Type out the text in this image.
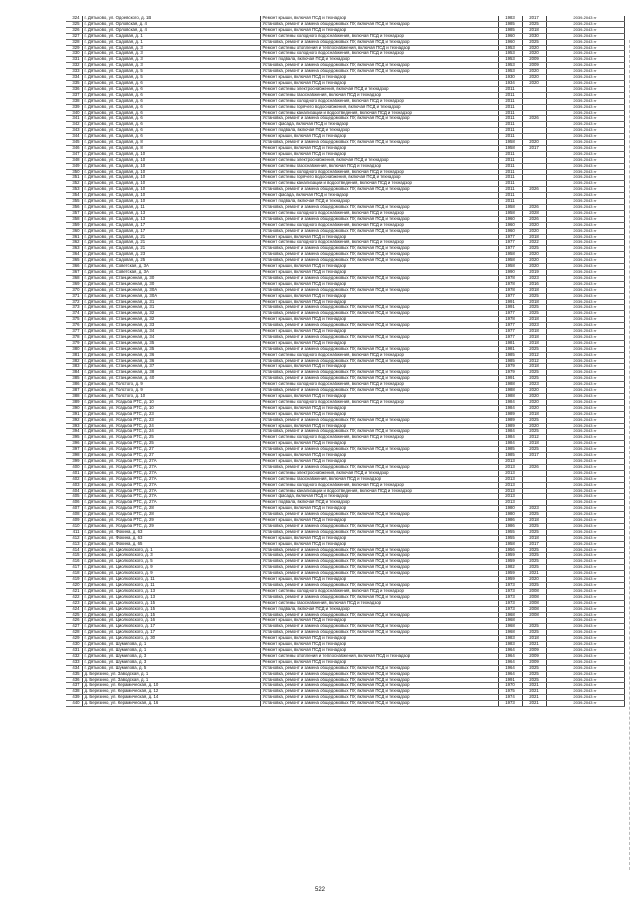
324	г. Дятьково, ул. Одоевского, д. 1В	Ремонт крыши, включая ПСД и технадзор	1983	2017	2039-2043 гг
325	г. Дятьково, ул. Орловская, д. 4	Установка, ремонт и замена общедомовых ПУ, включая ПСД и технадзор	1985	2025	2039-2043 гг
326	г. Дятьково, ул. Орловская, д. 4	Ремонт крыши, включая ПСД и технадзор	1985	2018	2039-2043 гг
327	г. Дятьково, ул. Садовая, д. 1	Ремонт системы холодного водоснабжения, включая ПСД и технадзор	1960	2030	2039-2043 гг
328	г. Дятьково, ул. Садовая, д. 1	Установка, ремонт и замена общедомовых ПУ, включая ПСД и технадзор	1960	2025	2039-2043 гг
329	г. Дятьково, ул. Садовая, д. 3	Ремонт системы отопления и теплоснабжения, включая ПСД и технадзор	1953	2020	2039-2043 гг
330	г. Дятьково, ул. Садовая, д. 3	Ремонт системы холодного водоснабжения, включая ПСД и технадзор	1953	2020	2039-2043 гг
331	г. Дятьково, ул. Садовая, д. 3	Ремонт подвала, включая ПСД и технадзор	1953	2009	2039-2043 гг
332	г. Дятьково, ул. Садовая, д. 3	Установка, ремонт и замена общедомовых ПУ, включая ПСД и технадзор	1953	2009	2039-2043 гг
333	г. Дятьково, ул. Садовая, д. 5	Установка, ремонт и замена общедомовых ПУ, включая ПСД и технадзор	1953	2020	2039-2043 гг
334	г. Дятьково, ул. Садовая, д. 5	Ремонт крыши, включая ПСД и технадзор	1930	2020	2039-2043 гг
335	г. Дятьково, ул. Садовая, д. 6	Ремонт крыши, включая ПСД и технадзор	1934	2020	2039-2043 гг
336	г. Дятьково, ул. Садовая, д. 6	Ремонт системы электроснабжения, включая ПСД и технадзор	2011		2039-2043 гг
337	г. Дятьково, ул. Садовая, д. 6	Ремонт системы газоснабжения, включая ПСД и технадзор	2011		2039-2043 гг
338	г. Дятьково, ул. Садовая, д. 6	Ремонт системы холодного водоснабжения, включая ПСД и технадзор	2011		2039-2043 гг
339	г. Дятьково, ул. Садовая, д. 6	Ремонт системы горячего водоснабжения, включая ПСД и технадзор	2011		2039-2043 гг
340	г. Дятьково, ул. Садовая, д. 6	Ремонт системы канализации и водоотведения, включая ПСД и технадзор	2011		2039-2043 гг
341	г. Дятьково, ул. Садовая, д. 6	Установка, ремонт и замена общедомовых ПУ, включая ПСД и технадзор	2011	2026	2039-2043 гг
342	г. Дятьково, ул. Садовая, д. 6	Ремонт фасада, включая ПСД и технадзор	2011		2039-2043 гг
343	г. Дятьково, ул. Садовая, д. 6	Ремонт подвала, включая ПСД и технадзор	2011		2039-2043 гг
344	г. Дятьково, ул. Садовая, д. 6	Ремонт крыши, включая ПСД и технадзор	2011		2039-2043 гг
345	г. Дятьково, ул. Садовая, д. 8	Установка, ремонт и замена общедомовых ПУ, включая ПСД и технадзор	1958	2020	2039-2043 гг
346	г. Дятьково, ул. Садовая, д. 8	Ремонт крыши, включая ПСД и технадзор	1958	2017	2039-2043 гг
347	г. Дятьково, ул. Садовая, д. 10	Ремонт крыши, включая ПСД и технадзор	2011		2039-2043 гг
348	г. Дятьково, ул. Садовая, д. 10	Ремонт системы электроснабжения, включая ПСД и технадзор	2011		2039-2043 гг
349	г. Дятьково, ул. Садовая, д. 10	Ремонт системы газоснабжения, включая ПСД и технадзор	2011		2039-2043 гг
350	г. Дятьково, ул. Садовая, д. 10	Ремонт системы холодного водоснабжения, включая ПСД и технадзор	2011		2039-2043 гг
351	г. Дятьково, ул. Садовая, д. 10	Ремонт системы горячего водоснабжения, включая ПСД и технадзор	2011		2039-2043 гг
352	г. Дятьково, ул. Садовая, д. 10	Ремонт системы канализации и водоотведения, включая ПСД и технадзор	2011		2039-2043 гг
353	г. Дятьково, ул. Садовая, д. 10	Установка, ремонт и замена общедомовых ПУ, включая ПСД и технадзор	2011	2026	2039-2043 гг
354	г. Дятьково, ул. Садовая, д. 10	Ремонт фасада, включая ПСД и технадзор	2011		2039-2043 гг
355	г. Дятьково, ул. Садовая, д. 10	Ремонт подвала, включая ПСД и технадзор	2011		2039-2043 гг
356	г. Дятьково, ул. Садовая, д. 11	Установка, ремонт и замена общедомовых ПУ, включая ПСД и технадзор	1958	2026	2039-2043 гг
357	г. Дятьково, ул. Садовая, д. 13	Ремонт системы холодного водоснабжения, включая ПСД и технадзор	1958	2028	2039-2043 гг
358	г. Дятьково, ул. Садовая, д. 13	Установка, ремонт и замена общедомовых ПУ, включая ПСД и технадзор	1960	2026	2039-2043 гг
359	г. Дятьково, ул. Садовая, д. 17	Ремонт системы холодного водоснабжения, включая ПСД и технадзор	1960	2020	2039-2043 гг
360	г. Дятьково, ул. Садовая, д. 17	Установка, ремонт и замена общедомовых ПУ, включая ПСД и технадзор	1960	2020	2039-2043 гг
361	г. Дятьково, ул. Садовая, д. 21	Ремонт крыши, включая ПСД и технадзор	1977	2018	2039-2043 гг
362	г. Дятьково, ул. Садовая, д. 21	Ремонт системы холодного водоснабжения, включая ПСД и технадзор	1977	2022	2039-2043 гг
363	г. Дятьково, ул. Садовая, д. 21	Установка, ремонт и замена общедомовых ПУ, включая ПСД и технадзор	1977	2025	2039-2043 гг
364	г. Дятьково, ул. Садовая, д. 23	Установка, ремонт и замена общедомовых ПУ, включая ПСД и технадзор	1958	2020	2039-2043 гг
365	г. Дятьково, ул. Садовая, д. 25	Установка, ремонт и замена общедомовых ПУ, включая ПСД и технадзор	1958	2020	2039-2043 гг
366	г. Дятьково, ул. Советская, д. 3А	Ремонт крыши, включая ПСД и технадзор	1958	2020	2039-2043 гг
367	г. Дятьково, ул. Советская, д. 3А	Ремонт крыши, включая ПСД и технадзор	1990	2019	2039-2043 гг
368	г. Дятьково, ул. Станционная, д. 30	Установка, ремонт и замена общедомовых ПУ, включая ПСД и технадзор	1978	2023	2039-2043 гг
369	г. Дятьково, ул. Станционная, д. 30	Ремонт крыши, включая ПСД и технадзор	1978	2016	2039-2043 гг
370	г. Дятьково, ул. Станционная, д. 30А	Установка, ремонт и замена общедомовых ПУ, включая ПСД и технадзор	1978	2018	2039-2043 гг
371	г. Дятьково, ул. Станционная, д. 30А	Ремонт крыши, включая ПСД и технадзор	1977	2025	2039-2043 гг
372	г. Дятьково, ул. Станционная, д. 31	Ремонт крыши, включая ПСД и технадзор	1991	2018	2039-2043 гг
373	г. Дятьково, ул. Станционная, д. 31	Установка, ремонт и замена общедомовых ПУ, включая ПСД и технадзор	1991	2025	2039-2043 гг
374	г. Дятьково, ул. Станционная, д. 32	Установка, ремонт и замена общедомовых ПУ, включая ПСД и технадзор	1977	2025	2039-2043 гг
375	г. Дятьково, ул. Станционная, д. 32	Ремонт крыши, включая ПСД и технадзор	1978	2018	2039-2043 гг
376	г. Дятьково, ул. Станционная, д. 33	Установка, ремонт и замена общедомовых ПУ, включая ПСД и технадзор	1977	2023	2039-2043 гг
377	г. Дятьково, ул. Станционная, д. 34	Ремонт крыши, включая ПСД и технадзор	1977	2018	2039-2043 гг
378	г. Дятьково, ул. Станционная, д. 34	Установка, ремонт и замена общедомовых ПУ, включая ПСД и технадзор	1977	2018	2039-2043 гг
379	г. Дятьково, ул. Станционная, д. 35	Ремонт крыши, включая ПСД и технадзор	1981	2018	2039-2043 гг
380	г. Дятьково, ул. Станционная, д. 35	Установка, ремонт и замена общедомовых ПУ, включая ПСД и технадзор	1981	2025	2039-2043 гг
381	г. Дятьково, ул. Станционная, д. 36	Ремонт системы холодного водоснабжения, включая ПСД и технадзор	1985	2012	2039-2043 гг
382	г. Дятьково, ул. Станционная, д. 36	Установка, ремонт и замена общедомовых ПУ, включая ПСД и технадзор	1985	2012	2039-2043 гг
383	г. Дятьково, ул. Станционная, д. 37	Ремонт крыши, включая ПСД и технадзор	1979	2018	2039-2043 гг
384	г. Дятьково, ул. Станционная, д. 38	Установка, ремонт и замена общедомовых ПУ, включая ПСД и технадзор	1979	2025	2039-2043 гг
385	г. Дятьково, ул. Станционная, д. 40	Установка, ремонт и замена общедомовых ПУ, включая ПСД и технадзор	1991	2025	2039-2043 гг
386	г. Дятьково, ул. Толстого, д. 9	Ремонт системы холодного водоснабжения, включая ПСД и технадзор	1988	2023	2039-2043 гг
387	г. Дятьково, ул. Толстого, д. 9	Установка, ремонт и замена общедомовых ПУ, включая ПСД и технадзор	1988	2020	2039-2043 гг
388	г. Дятьково, ул. Толстого, д. 10	Ремонт крыши, включая ПСД и технадзор	1988	2020	2039-2043 гг
389	г. Дятьково, ул. Усадьба РТС, д. 10	Ремонт системы холодного водоснабжения, включая ПСД и технадзор	1984	2020	2039-2043 гг
390	г. Дятьково, ул. Усадьба РТС, д. 10	Ремонт крыши, включая ПСД и технадзор	1984	2020	2039-2043 гг
391	г. Дятьково, ул. Усадьба РТС, д. 23	Ремонт крыши, включая ПСД и технадзор	1989	2018	2039-2043 гг
392	г. Дятьково, ул. Усадьба РТС, д. 23	Установка, ремонт и замена общедомовых ПУ, включая ПСД и технадзор	1989	2025	2039-2043 гг
393	г. Дятьково, ул. Усадьба РТС, д. 24	Ремонт крыши, включая ПСД и технадзор	1989	2020	2039-2043 гг
394	г. Дятьково, ул. Усадьба РТС, д. 24	Установка, ремонт и замена общедомовых ПУ, включая ПСД и технадзор	1984	2025	2039-2043 гг
395	г. Дятьково, ул. Усадьба РТС, д. 25	Ремонт системы холодного водоснабжения, включая ПСД и технадзор	1984	2012	2039-2043 гг
396	г. Дятьково, ул. Усадьба РТС, д. 25	Ремонт крыши, включая ПСД и технадзор	1984	2018	2039-2043 гг
397	г. Дятьково, ул. Усадьба РТС, д. 27	Установка, ремонт и замена общедомовых ПУ, включая ПСД и технадзор	1985	2025	2039-2043 гг
398	г. Дятьково, ул. Усадьба РТС, д. 27	Ремонт крыши, включая ПСД и технадзор	1985	2017	2039-2043 гг
399	г. Дятьково, ул. Усадьба РТС, д. 27А	Ремонт крыши, включая ПСД и технадзор	2013		2039-2043 гг
400	г. Дятьково, ул. Усадьба РТС, д. 27А	Установка, ремонт и замена общедомовых ПУ, включая ПСД и технадзор	2013	2026	2039-2043 гг
401	г. Дятьково, ул. Усадьба РТС, д. 27А	Ремонт системы электроснабжения, включая ПСД и технадзор	2013		2039-2043 гг
402	г. Дятьково, ул. Усадьба РТС, д. 27А	Ремонт системы газоснабжения, включая ПСД и технадзор	2013		2039-2043 гг
403	г. Дятьково, ул. Усадьба РТС, д. 27А	Ремонт системы холодного водоснабжения, включая ПСД и технадзор	2013		2039-2043 гг
404	г. Дятьково, ул. Усадьба РТС, д. 27А	Ремонт системы канализации и водоотведения, включая ПСД и технадзор	2013		2039-2043 гг
405	г. Дятьково, ул. Усадьба РТС, д. 27А	Ремонт фасада, включая ПСД и технадзор	2013		2039-2043 гг
406	г. Дятьково, ул. Усадьба РТС, д. 27А	Ремонт подвала, включая ПСД и технадзор	2013		2039-2043 гг
407	г. Дятьково, ул. Усадьба РТС, д. 28	Ремонт крыши, включая ПСД и технадзор	1980	2023	2039-2043 гг
408	г. Дятьково, ул. Усадьба РТС, д. 28	Установка, ремонт и замена общедомовых ПУ, включая ПСД и технадзор	1980	2025	2039-2043 гг
409	г. Дятьково, ул. Усадьба РТС, д. 29	Ремонт крыши, включая ПСД и технадзор	1986	2018	2039-2043 гг
410	г. Дятьково, ул. Усадьба РТС, д. 29	Установка, ремонт и замена общедомовых ПУ, включая ПСД и технадзор	1986	2025	2039-2043 гг
411	г. Дятьково, ул. Фокина, д. 63	Установка, ремонт и замена общедомовых ПУ, включая ПСД и технадзор	1955	2025	2039-2043 гг
412	г. Дятьково, ул. Фокина, д. 63	Ремонт крыши, включая ПСД и технадзор	1955	2018	2039-2043 гг
413	г. Дятьково, ул. Фокина, д. 65	Ремонт крыши, включая ПСД и технадзор	1958	2017	2039-2043 гг
414	г. Дятьково, ул. Циолковского, д. 1	Установка, ремонт и замена общедомовых ПУ, включая ПСД и технадзор	1956	2025	2039-2043 гг
415	г. Дятьково, ул. Циолковского, д. 3	Установка, ремонт и замена общедомовых ПУ, включая ПСД и технадзор	1959	2025	2039-2043 гг
416	г. Дятьково, ул. Циолковского, д. 5	Установка, ремонт и замена общедомовых ПУ, включая ПСД и технадзор	1959	2025	2039-2043 гг
417	г. Дятьково, ул. Циолковского, д. 9	Установка, ремонт и замена общедомовых ПУ, включая ПСД и технадзор	1982	2025	2039-2043 гг
418	г. Дятьково, ул. Циолковского, д. 9	Установка, ремонт и замена общедомовых ПУ, включая ПСД и технадзор	1959	2021	2039-2043 гг
419	г. Дятьково, ул. Циолковского, д. 11	Ремонт крыши, включая ПСД и технадзор	1959	2020	2039-2043 гг
420	г. Дятьково, ул. Циолковского, д. 11	Установка, ремонт и замена общедомовых ПУ, включая ПСД и технадзор	1973	2025	2039-2043 гг
421	г. Дятьково, ул. Циолковского, д. 13	Ремонт системы холодного водоснабжения, включая ПСД и технадзор	1973	2008	2039-2043 гг
422	г. Дятьково, ул. Циолковского, д. 13	Установка, ремонт и замена общедомовых ПУ, включая ПСД и технадзор	1973	2008	2039-2043 гг
423	г. Дятьково, ул. Циолковского, д. 15	Ремонт системы газоснабжения, включая ПСД и технадзор	1973	2008	2039-2043 гг
424	г. Дятьково, ул. Циолковского, д. 15	Ремонт подвала, включая ПСД и технадзор	1973	2008	2039-2043 гг
425	г. Дятьково, ул. Циолковского, д. 15	Установка, ремонт и замена общедомовых ПУ, включая ПСД и технадзор	1968	2008	2039-2043 гг
426	г. Дятьково, ул. Циолковского, д. 16	Ремонт крыши, включая ПСД и технадзор	1968		2039-2043 гг
427	г. Дятьково, ул. Циолковского, д. 17	Установка, ремонт и замена общедомовых ПУ, включая ПСД и технадзор	1968	2025	2039-2043 гг
428	г. Дятьково, ул. Циолковского, д. 17	Установка, ремонт и замена общедомовых ПУ, включая ПСД и технадзор	1968	2025	2039-2043 гг
429	г. Дятьково, ул. Циолковского, д. 30	Ремонт крыши, включая ПСД и технадзор	1983	2018	2039-2043 гг
430	г. Дятьково, ул. Шумилова, д. 1	Ремонт крыши, включая ПСД и технадзор	1983	2021	2039-2043 гг
431	г. Дятьково, ул. Шумилова, д. 1	Ремонт крыши, включая ПСД и технадзор	1964	2009	2039-2043 гг
432	г. Дятьково, ул. Шумилова, д. 3	Ремонт системы отопления и теплоснабжения, включая ПСД и технадзор	1964	2009	2039-2043 гг
433	г. Дятьково, ул. Шумилова, д. 3	Ремонт крыши, включая ПСД и технадзор	1964	2009	2039-2043 гг
434	г. Дятьково, ул. Шумилова, д. 5	Установка, ремонт и замена общедомовых ПУ, включая ПСД и технадзор	1964	2025	2039-2043 гг
435	д. Березино, ул. Заводская, д. 1	Установка, ремонт и замена общедомовых ПУ, включая ПСД и технадзор	1964	2025	2039-2043 гг
436	д. Березино, ул. Заводская, д. 1	Установка, ремонт и замена общедомовых ПУ, включая ПСД и технадзор	1991	2025	2039-2043 гг
437	д. Березино, ул. Керамическая, д. 10	Установка, ремонт и замена общедомовых ПУ, включая ПСД и технадзор	1970	2021	2039-2043 гг
438	д. Березино, ул. Керамическая, д. 12	Установка, ремонт и замена общедомовых ПУ, включая ПСД и технадзор	1975	2021	2039-2043 гг
439	д. Березино, ул. Керамическая, д. 14	Установка, ремонт и замена общедомовых ПУ, включая ПСД и технадзор	1974	2021	2039-2043 гг
440	д. Березино, ул. Керамическая, д. 16	Установка, ремонт и замена общедомовых ПУ, включая ПСД и технадзор	1973	2021	2039-2043 гг
522
